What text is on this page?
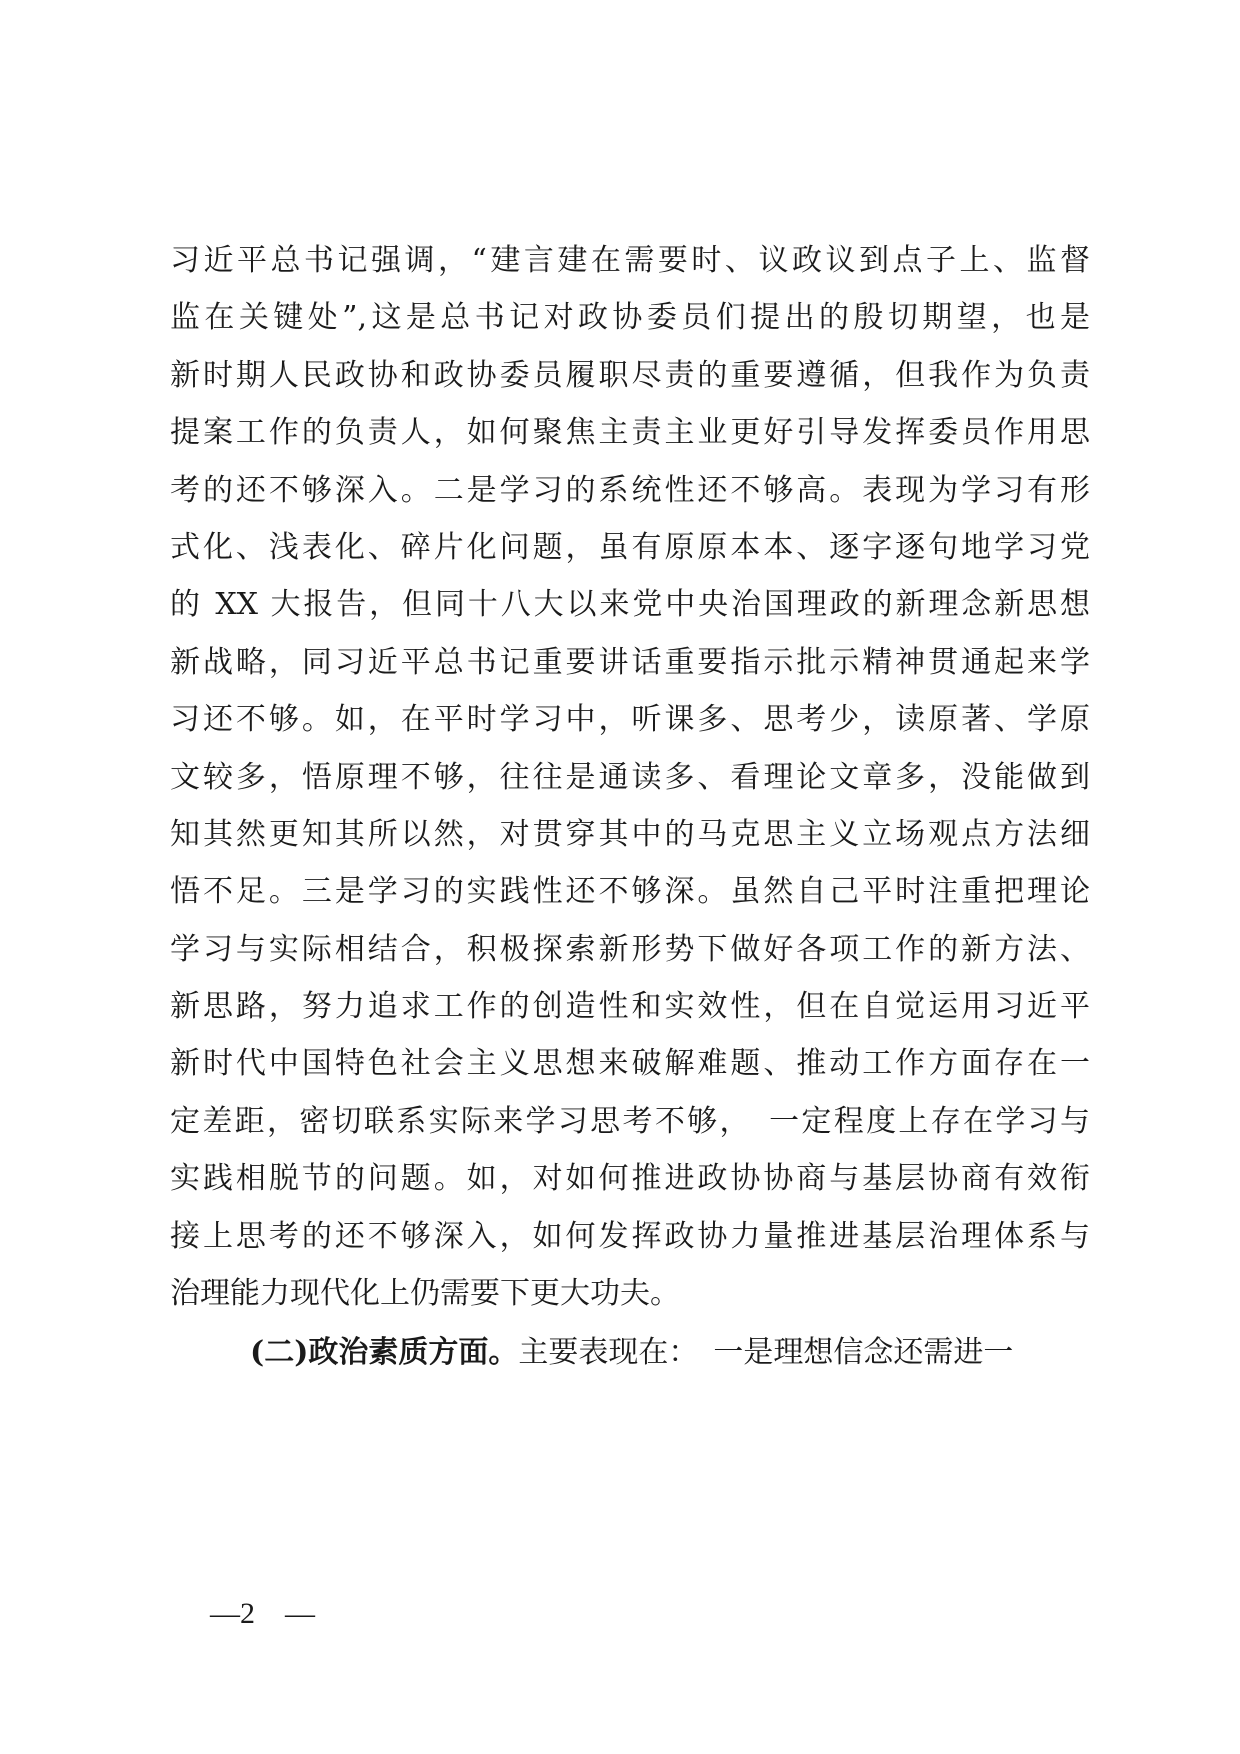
习近平总书记强调，“建言建在需要时、议政议到点子上、监督
监在关键处”,这是总书记对政协委员们提出的殷切期望，也是
新时期人民政协和政协委员履职尽责的重要遵循，但我作为负责
提案工作的负责人，如何聚焦主责主业更好引导发挥委员作用思
考的还不够深入。二是学习的系统性还不够高。表现为学习有形
式化、浅表化、碎片化问题，虽有原原本本、逐字逐句地学习党
的 XX 大报告，但同十八大以来党中央治国理政的新理念新思想
新战略，同习近平总书记重要讲话重要指示批示精神贯通起来学
习还不够。如，在平时学习中，听课多、思考少，读原著、学原
文较多，悟原理不够，往往是通读多、看理论文章多，没能做到
知其然更知其所以然，对贯穿其中的马克思主义立场观点方法细
悟不足。三是学习的实践性还不够深。虽然自己平时注重把理论
学习与实际相结合，积极探索新形势下做好各项工作的新方法、
新思路，努力追求工作的创造性和实效性，但在自觉运用习近平
新时代中国特色社会主义思想来破解难题、推动工作方面存在一
定差距，密切联系实际来学习思考不够，　一定程度上存在学习与
实践相脱节的问题。如，对如何推进政协协商与基层协商有效衔
接上思考的还不够深入，如何发挥政协力量推进基层治理体系与
治理能力现代化上仍需要下更大功夫。
(二)政治素质方面。主要表现在：　一是理想信念还需进一
—2　—
